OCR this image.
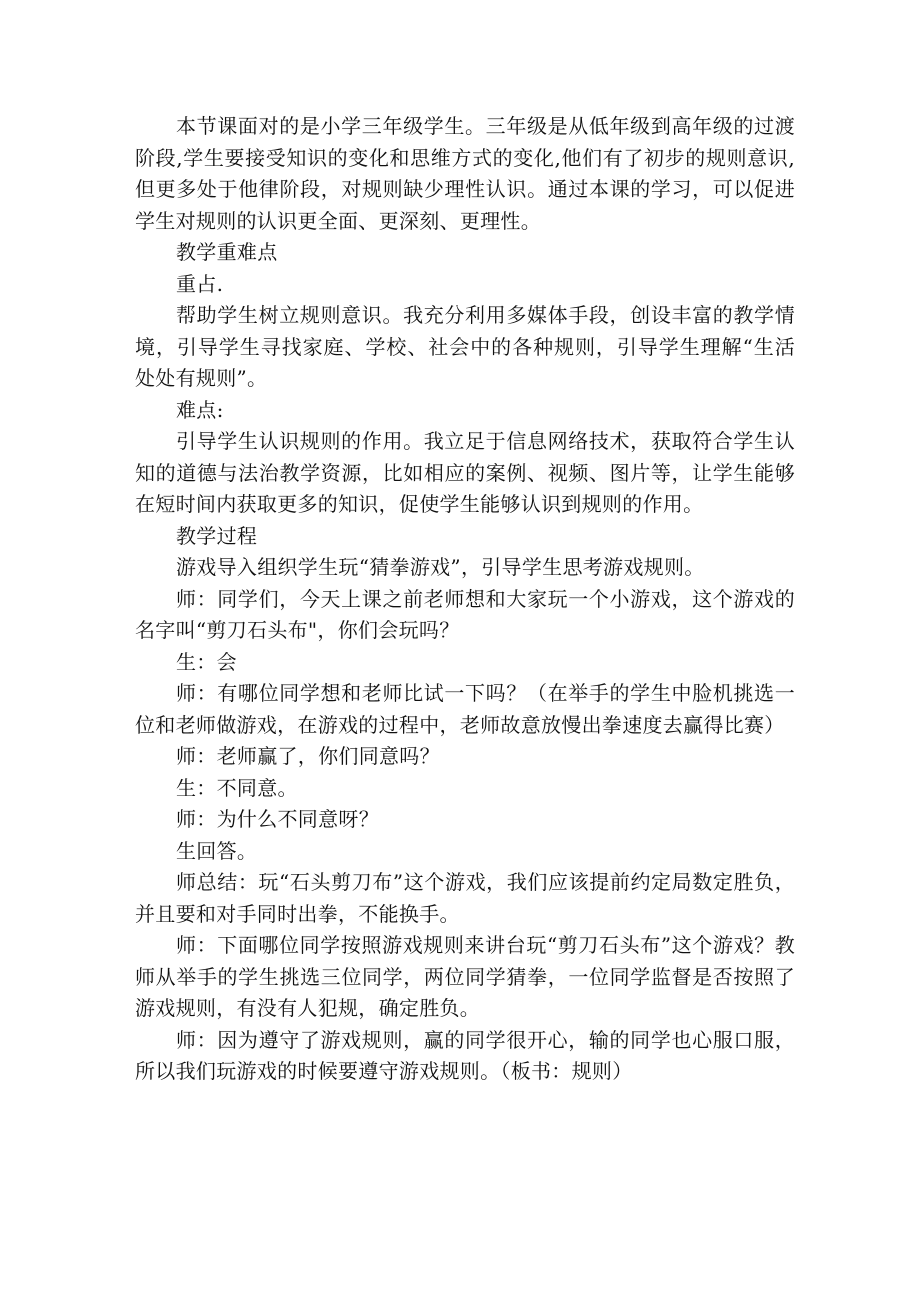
本节课面对的是小学三年级学生。三年级是从低年级到高年级的过渡阶段,学生要接受知识的变化和思维方式的变化,他们有了初步的规则意识,但更多处于他律阶段，对规则缺少理性认识。通过本课的学习，可以促进学生对规则的认识更全面、更深刻、更理性。

教学重难点

重占.

帮助学生树立规则意识。我充分利用多媒体手段，创设丰富的教学情境，引导学生寻找家庭、学校、社会中的各种规则，引导学生理解“生活处处有规则”。

难点:

引导学生认识规则的作用。我立足于信息网络技术，获取符合学生认知的道德与法治教学资源，比如相应的案例、视频、图片等，让学生能够在短时间内获取更多的知识，促使学生能够认识到规则的作用。

教学过程

游戏导入组织学生玩“猜拳游戏”，引导学生思考游戏规则。

师：同学们，今天上课之前老师想和大家玩一个小游戏，这个游戏的名字叫“剪刀石头布"，你们会玩吗？

生：会

师：有哪位同学想和老师比试一下吗？（在举手的学生中脸机挑选一位和老师做游戏，在游戏的过程中，老师故意放慢出拳速度去赢得比赛）

师：老师赢了，你们同意吗？

生：不同意。

师：为什么不同意呀？

生回答。

师总结：玩“石头剪刀布”这个游戏，我们应该提前约定局数定胜负，并且要和对手同时出拳，不能换手。

师：下面哪位同学按照游戏规则来讲台玩“剪刀石头布”这个游戏？教师从举手的学生挑选三位同学，两位同学猜拳，一位同学监督是否按照了游戏规则，有没有人犯规，确定胜负。

师：因为遵守了游戏规则，赢的同学很开心，输的同学也心服口服，所以我们玩游戏的时候要遵守游戏规则。（板书：规则）
